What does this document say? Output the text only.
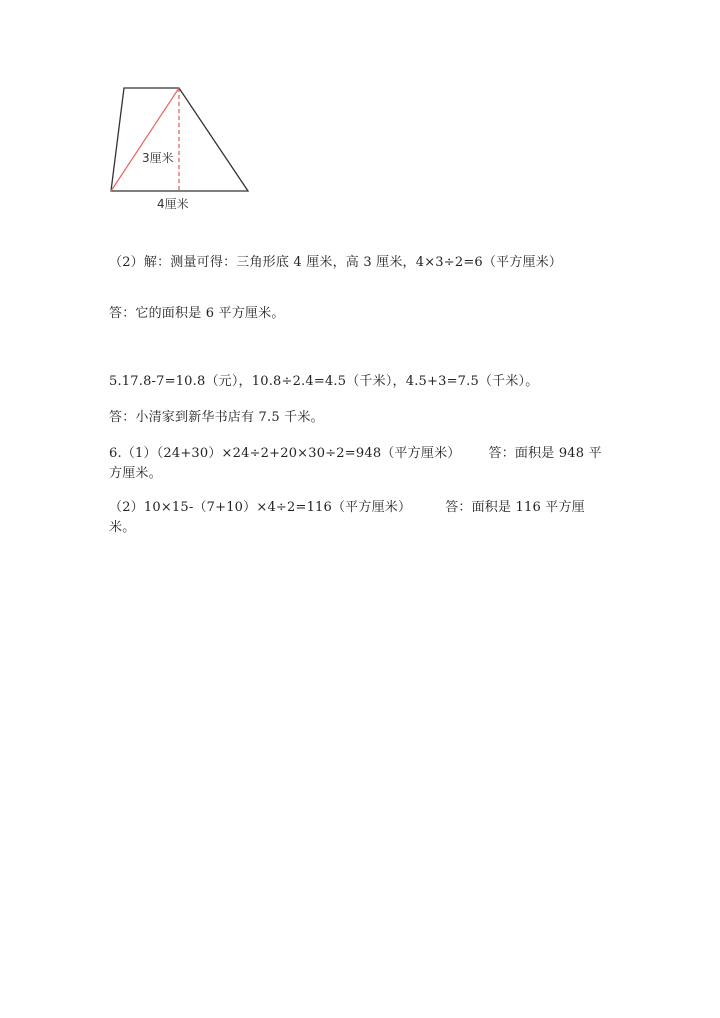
3厘米
4厘米
（2）解：测量可得：三角形底 4 厘米，高 3 厘米，4×3÷2=6（平方厘米）
答：它的面积是 6 平方厘米。
5.17.8-7=10.8（元），10.8÷2.4=4.5（千米），4.5+3=7.5（千米）。
答：小清家到新华书店有 7.5 千米。
6.（1）（24+30）×24÷2+20×30÷2=948（平方厘米） 答：面积是 948 平方厘米。
（2）10×15-（7+10）×4÷2=116（平方厘米）	答：面积是 116 平方厘米。
